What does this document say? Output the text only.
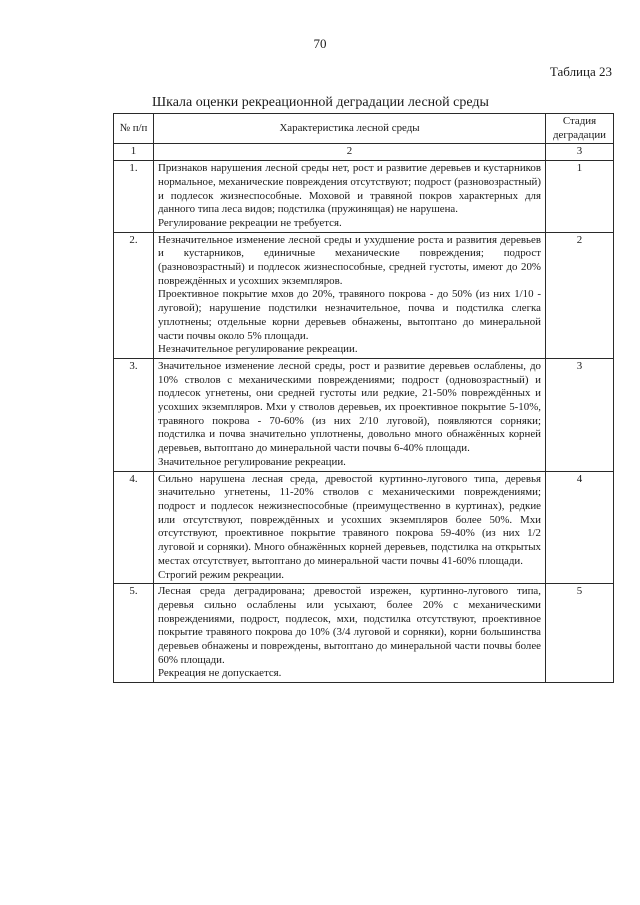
70
Таблица 23
Шкала оценки рекреационной деградации лесной среды
№ п/п	Характеристика лесной среды	Стадия деградации
1	2	3
1.	Признаков нарушения лесной среды нет, рост и развитие деревьев и кустарников нормальное, механические повреждения отсутствуют; подрост (разновозрастный) и подлесок жизнеспособные. Моховой и травяной покров характерных для данного типа леса видов; подстилка (пружинящая) не нарушена.

Регулирование рекреации не требуется.	1
2.	Незначительное изменение лесной среды и ухудшение роста и развития деревьев и кустарников, единичные механические повреждения; подрост (разновозрастный) и подлесок жизнеспособные, средней густоты, имеют до 20% повреждённых и усохших экземпляров.

Проективное покрытие мхов до 20%, травяного покрова - до 50% (из них 1/10 - луговой); нарушение подстилки незначительное, почва и подстилка слегка уплотнены; отдельные корни деревьев обнажены, вытоптано до минеральной части почвы около 5% площади.

Незначительное регулирование рекреации.	2
3.	Значительное изменение лесной среды, рост и развитие деревьев ослаблены, до 10% стволов с механическими повреждениями; подрост (одновозрастный) и подлесок угнетены, они средней густоты или редкие, 21-50% повреждённых и усохших экземпляров. Мхи у стволов деревьев, их проективное покрытие 5-10%, травяного покрова - 70-60% (из них 2/10 луговой), появляются сорняки; подстилка и почва значительно уплотнены, довольно много обнажённых корней деревьев, вытоптано до минеральной части почвы 6-40% площади.

Значительное регулирование рекреации.	3
4.	Сильно нарушена лесная среда, древостой куртинно-лугового типа, деревья значительно угнетены, 11-20% стволов с механическими повреждениями; подрост и подлесок нежизнеспособные (преимущественно в куртинах), редкие или отсутствуют, повреждённых и усохших экземпляров более 50%. Мхи отсутствуют, проективное покрытие травяного покрова 59-40% (из них 1/2 луговой и сорняки). Много обнажённых корней деревьев, подстилка на открытых местах отсутствует, вытоптано до минеральной части почвы 41-60% площади.

Строгий режим рекреации.	4
5.	Лесная среда деградирована; древостой изрежен, куртинно-лугового типа, деревья сильно ослаблены или усыхают, более 20% с механическими повреждениями, подрост, подлесок, мхи, подстилка отсутствуют, проективное покрытие травяного покрова до 10% (3/4 луговой и сорняки), корни большинства деревьев обнажены и повреждены, вытоптано до минеральной части почвы более 60% площади.

Рекреация не допускается.	5
